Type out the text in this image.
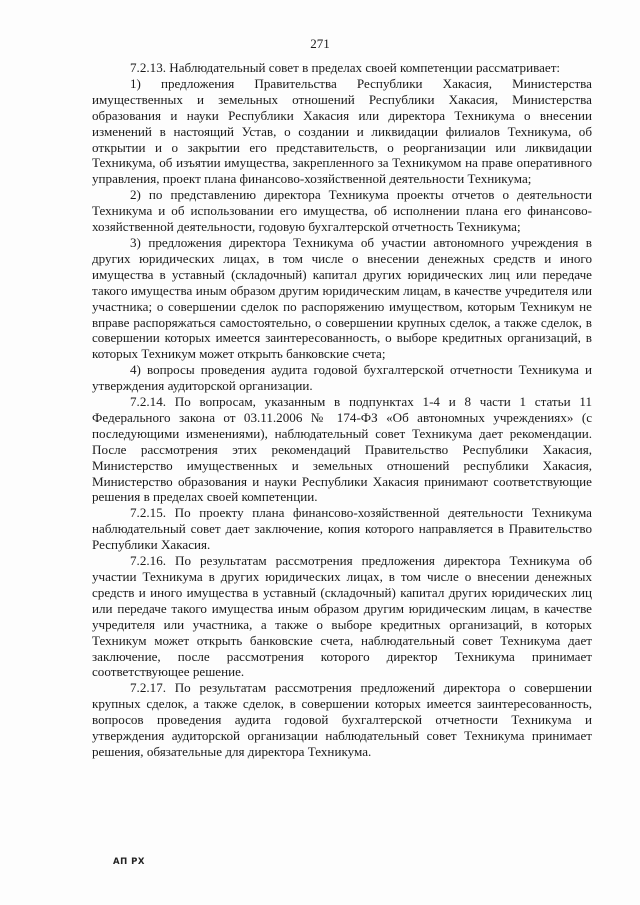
271

7.2.13. Наблюдательный совет в пределах своей компетенции рассматривает:

1) предложения Правительства Республики Хакасия, Министерства имущественных и земельных отношений Республики Хакасия, Министерства образования и науки Республики Хакасия или директора Техникума о внесении изменений в настоящий Устав, о создании и ликвидации филиалов Техникума, об открытии и о закрытии его представительств, о реорганизации или ликвидации Техникума, об изъятии имущества, закрепленного за Техникумом на праве оперативного управления, проект плана финансово-хозяйственной деятельности Техникума;

2) по представлению директора Техникума проекты отчетов о деятельности Техникума и об использовании его имущества, об исполнении плана его финансово-хозяйственной деятельности, годовую бухгалтерской отчетность Техникума;

3) предложения директора Техникума об участии автономного учреждения в других юридических лицах, в том числе о внесении денежных средств и иного имущества в уставный (складочный) капитал других юридических лиц или передаче такого имущества иным образом другим юридическим лицам, в качестве учредителя или участника; о совершении сделок по распоряжению имуществом, которым Техникум не вправе распоряжаться самостоятельно, о совершении крупных сделок, а также сделок, в совершении которых имеется заинтересованность, о выборе кредитных организаций, в которых Техникум может открыть банковские счета;

4) вопросы проведения аудита годовой бухгалтерской отчетности Техникума и утверждения аудиторской организации.

7.2.14. По вопросам, указанным в подпунктах 1-4 и 8 части 1 статьи 11 Федерального закона от 03.11.2006 № 174-ФЗ «Об автономных учреждениях» (с последующими изменениями), наблюдательный совет Техникума дает рекомендации. После рассмотрения этих рекомендаций Правительство Республики Хакасия, Министерство имущественных и земельных отношений республики Хакасия, Министерство образования и науки Республики Хакасия принимают соответствующие решения в пределах своей компетенции.

7.2.15. По проекту плана финансово-хозяйственной деятельности Техникума наблюдательный совет дает заключение, копия которого направляется в Правительство Республики Хакасия.

7.2.16. По результатам рассмотрения предложения директора Техникума об участии Техникума в других юридических лицах, в том числе о внесении денежных средств и иного имущества в уставный (складочный) капитал других юридических лиц или передаче такого имущества иным образом другим юридическим лицам, в качестве учредителя или участника, а также о выборе кредитных организаций, в которых Техникум может открыть банковские счета, наблюдательный совет Техникума дает заключение, после рассмотрения которого директор Техникума принимает соответствующее решение.

7.2.17. По результатам рассмотрения предложений директора о совершении крупных сделок, а также сделок, в совершении которых имеется заинтересованность, вопросов проведения аудита годовой бухгалтерской отчетности Техникума и утверждения аудиторской организации наблюдательный совет Техникума принимает решения, обязательные для директора Техникума.

АП РХ
